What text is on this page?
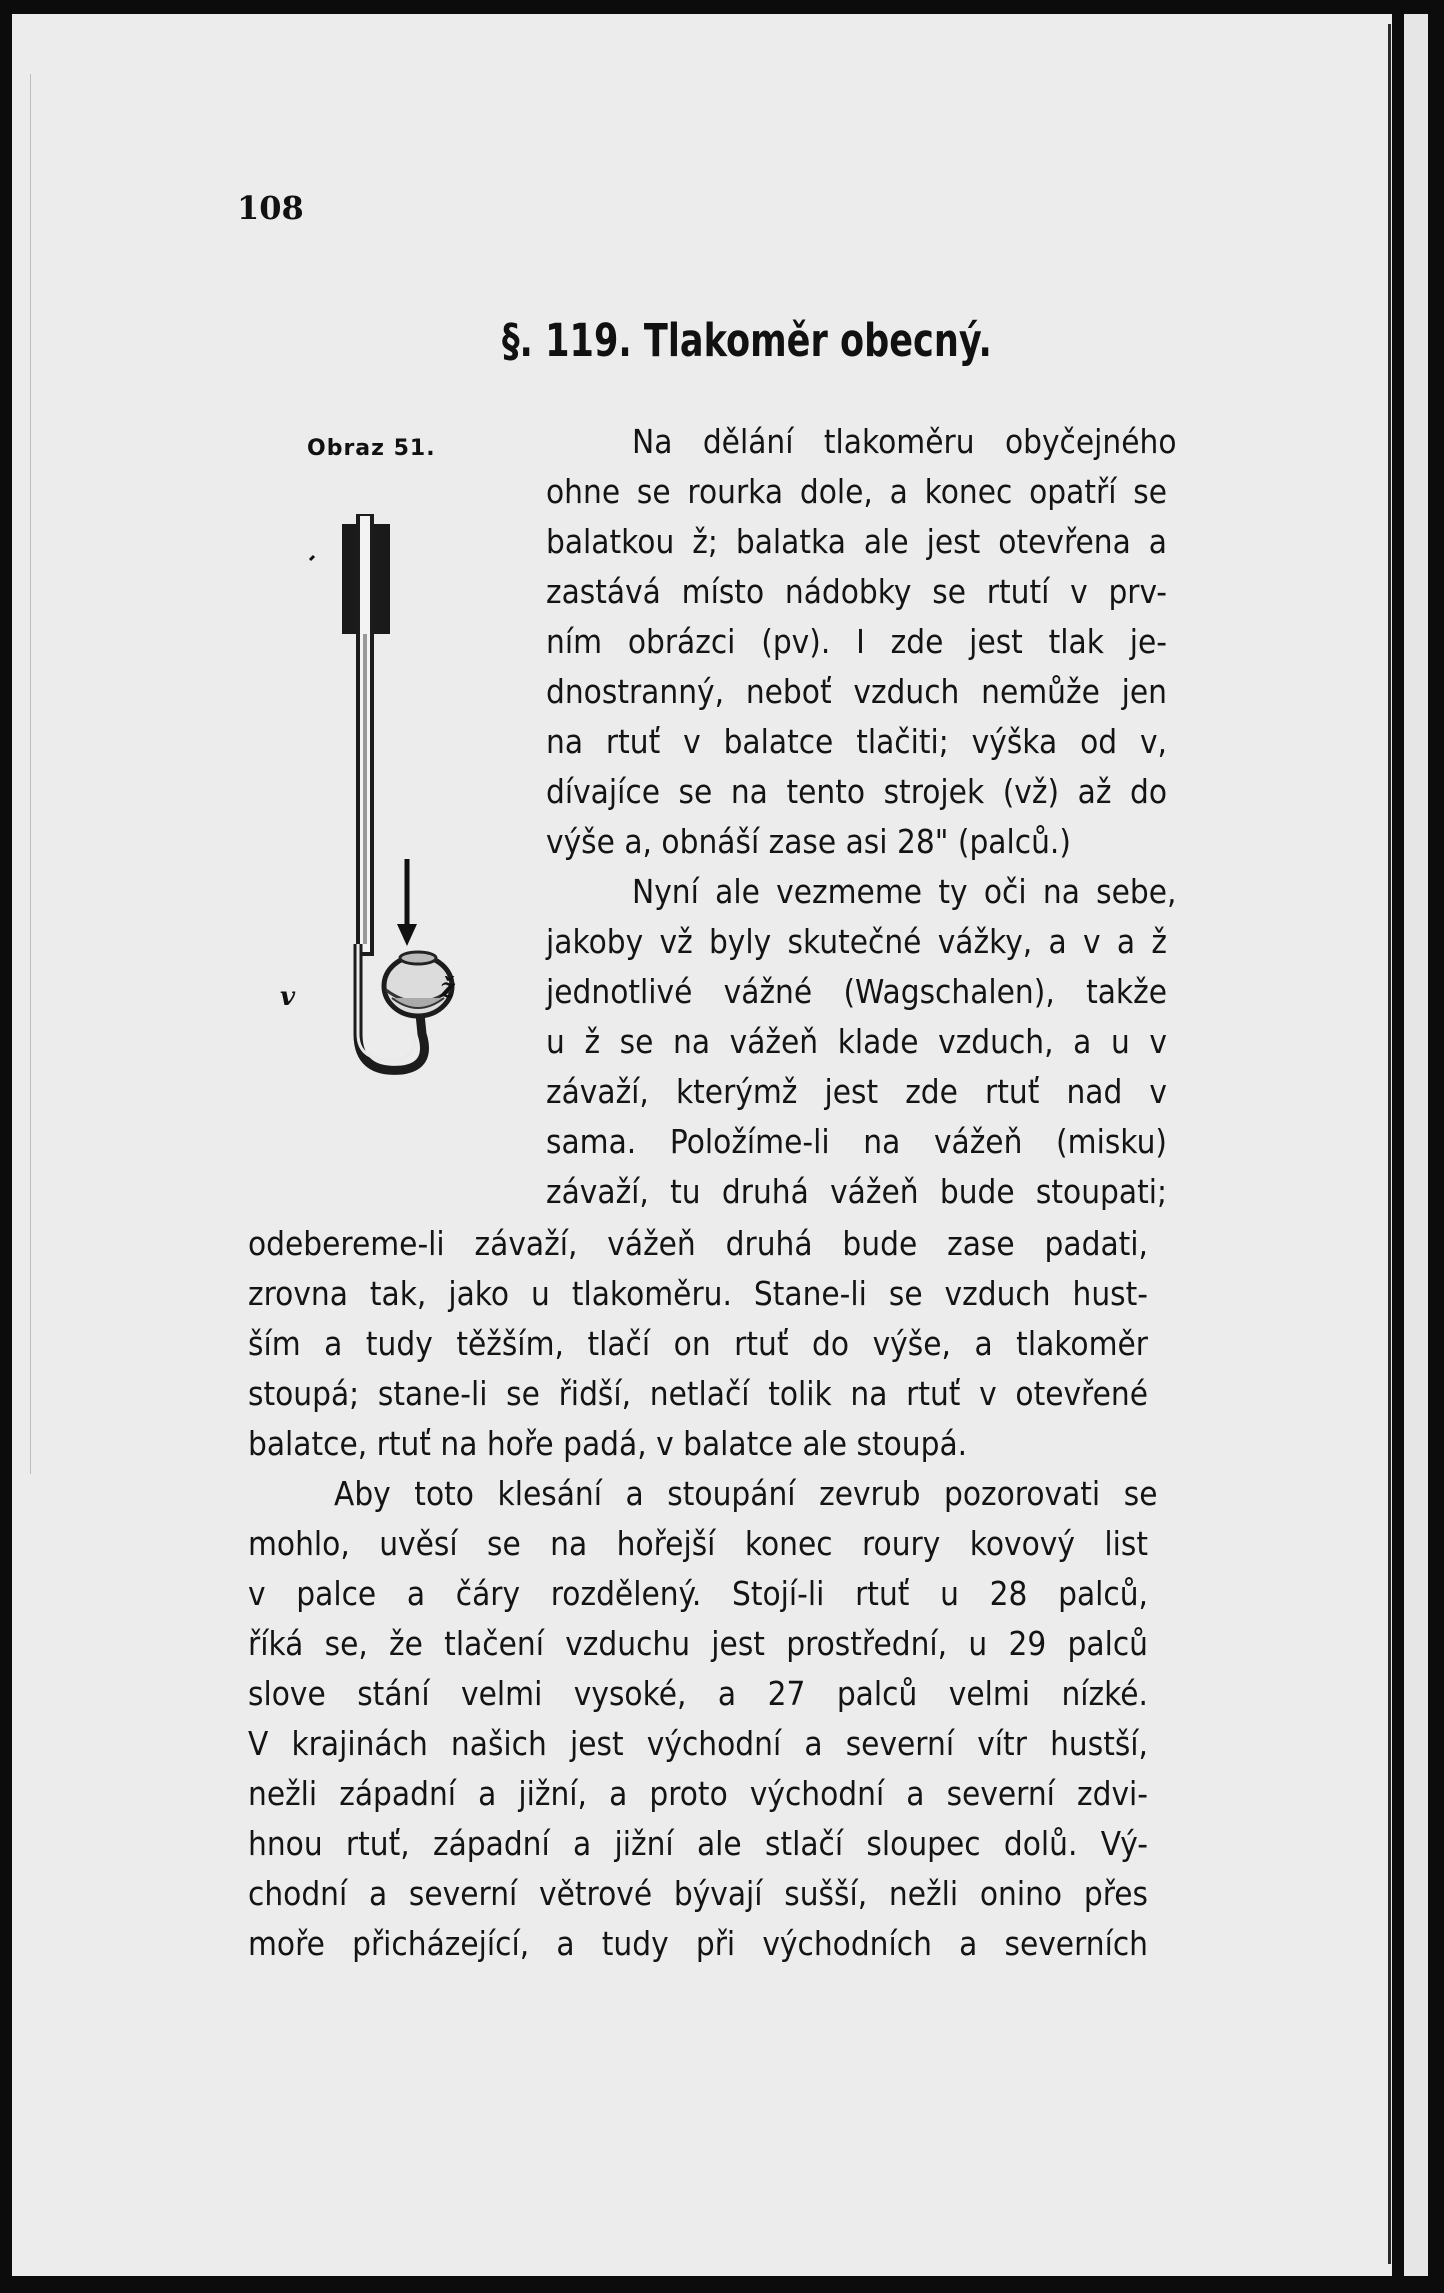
108
§. 119. Tlakoměr obecný.
Obraz 51.
v	ž
Na dělání tlakoměru obyčejného
ohne se rourka dole, a konec opatří se
balatkou ž; balatka ale jest otevřena a
zastává místo nádobky se rtutí v prv-
ním obrázci (pv). I zde jest tlak je-
dnostranný, neboť vzduch nemůže jen
na rtuť v balatce tlačiti; výška od v,
dívajíce se na tento strojek (vž) až do
výše a, obnáší zase asi 28" (palců.)
Nyní ale vezmeme ty oči na sebe,
jakoby vž byly skutečné vážky, a v a ž
jednotlivé vážné (Wagschalen), takže
u ž se na vážeň klade vzduch, a u v
závaží, kterýmž jest zde rtuť nad v
sama. Položíme-li na vážeň (misku)
závaží, tu druhá vážeň bude stoupati;
odebereme-li závaží, vážeň druhá bude zase padati,
zrovna tak, jako u tlakoměru. Stane-li se vzduch hust-
ším a tudy těžším, tlačí on rtuť do výše, a tlakoměr
stoupá; stane-li se řidší, netlačí tolik na rtuť v otevřené
balatce, rtuť na hoře padá, v balatce ale stoupá.
Aby toto klesání a stoupání zevrub pozorovati se
mohlo, uvěsí se na hořejší konec roury kovový list
v palce a čáry rozdělený. Stojí-li rtuť u 28 palců,
říká se, že tlačení vzduchu jest prostřední, u 29 palců
slove stání velmi vysoké, a 27 palců velmi nízké.
V krajinách našich jest východní a severní vítr hustší,
nežli západní a jižní, a proto východní a severní zdvi-
hnou rtuť, západní a jižní ale stlačí sloupec dolů. Vý-
chodní a severní větrové bývají sušší, nežli onino přes
moře přicházející, a tudy při východních a severních
